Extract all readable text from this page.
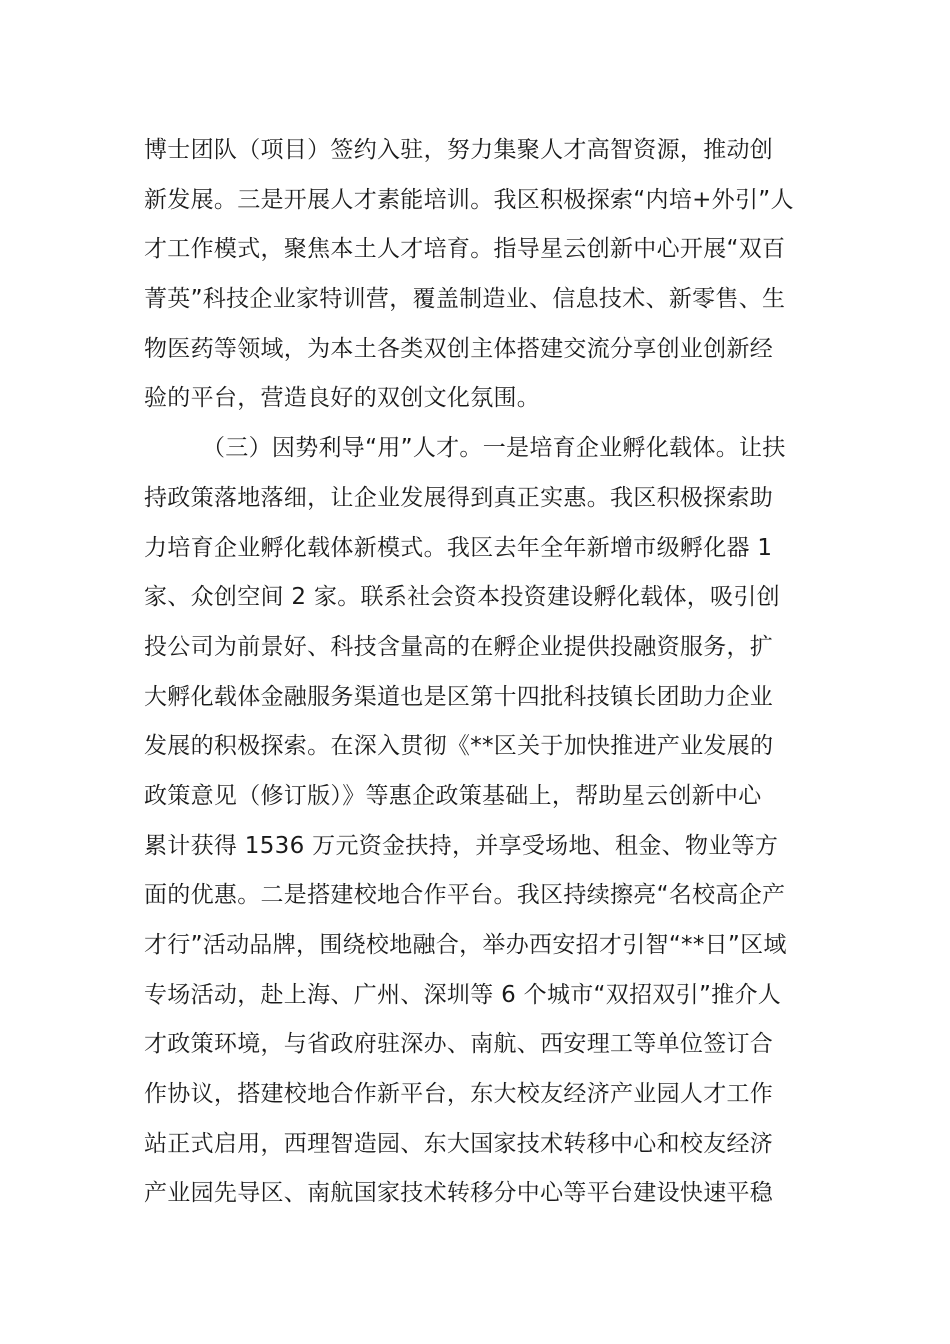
博士团队（项目）签约入驻，努力集聚人才高智资源，推动创
新发展。三是开展人才素能培训。我区积极探索“内培+外引”人
才工作模式，聚焦本土人才培育。指导星云创新中心开展“双百
菁英”科技企业家特训营，覆盖制造业、信息技术、新零售、生
物医药等领域，为本土各类双创主体搭建交流分享创业创新经
验的平台，营造良好的双创文化氛围。
（三）因势利导“用”人才。一是培育企业孵化载体。让扶
持政策落地落细，让企业发展得到真正实惠。我区积极探索助
力培育企业孵化载体新模式。我区去年全年新增市级孵化器 1
家、众创空间 2 家。联系社会资本投资建设孵化载体，吸引创
投公司为前景好、科技含量高的在孵企业提供投融资服务，扩
大孵化载体金融服务渠道也是区第十四批科技镇长团助力企业
发展的积极探索。在深入贯彻《**区关于加快推进产业发展的
政策意见（修订版）》等惠企政策基础上，帮助星云创新中心
累计获得 1536 万元资金扶持，并享受场地、租金、物业等方
面的优惠。二是搭建校地合作平台。我区持续擦亮“名校高企产
才行”活动品牌，围绕校地融合，举办西安招才引智“**日”区域
专场活动，赴上海、广州、深圳等 6 个城市“双招双引”推介人
才政策环境，与省政府驻深办、南航、西安理工等单位签订合
作协议，搭建校地合作新平台，东大校友经济产业园人才工作
站正式启用，西理智造园、东大国家技术转移中心和校友经济
产业园先导区、南航国家技术转移分中心等平台建设快速平稳
